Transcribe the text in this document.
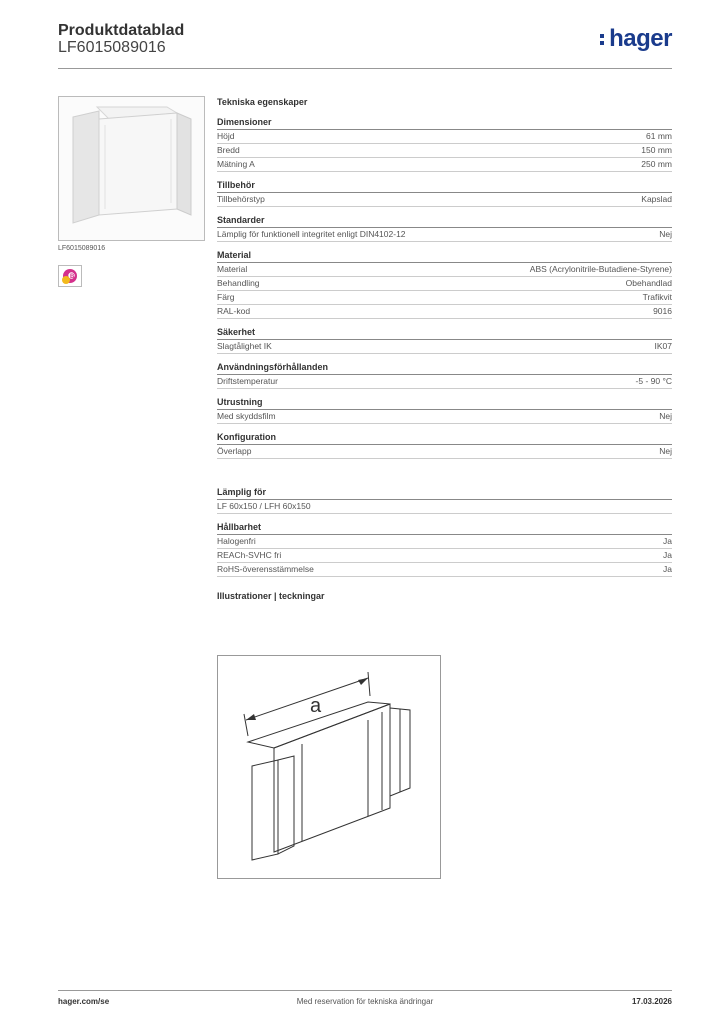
Produktdatablad
LF6015089016	hager
LF6015089016
B
Tekniska egenskaper
Dimensioner
Höjd	61 mm
Bredd	150 mm
Mätning A	250 mm
Tillbehör
Tillbehörstyp	Kapslad
Standarder
Lämplig för funktionell integritet enligt DIN4102-12	Nej
Material
Material	ABS (Acrylonitrile-Butadiene-Styrene)
Behandling	Obehandlad
Färg	Trafikvit
RAL-kod	9016
Säkerhet
Slagtålighet IK	IK07
Användningsförhållanden
Driftstemperatur	-5 - 90 °C
Utrustning
Med skyddsfilm	Nej
Konfiguration
Överlapp	Nej
Lämplig för
LF 60x150 / LFH 60x150
Hållbarhet
Halogenfri	Ja
REACh-SVHC fri	Ja
RoHS-överensstämmelse	Ja
Illustrationer | teckningar
a
hager.com/se	Med reservation för tekniska ändringar	17.03.2026
